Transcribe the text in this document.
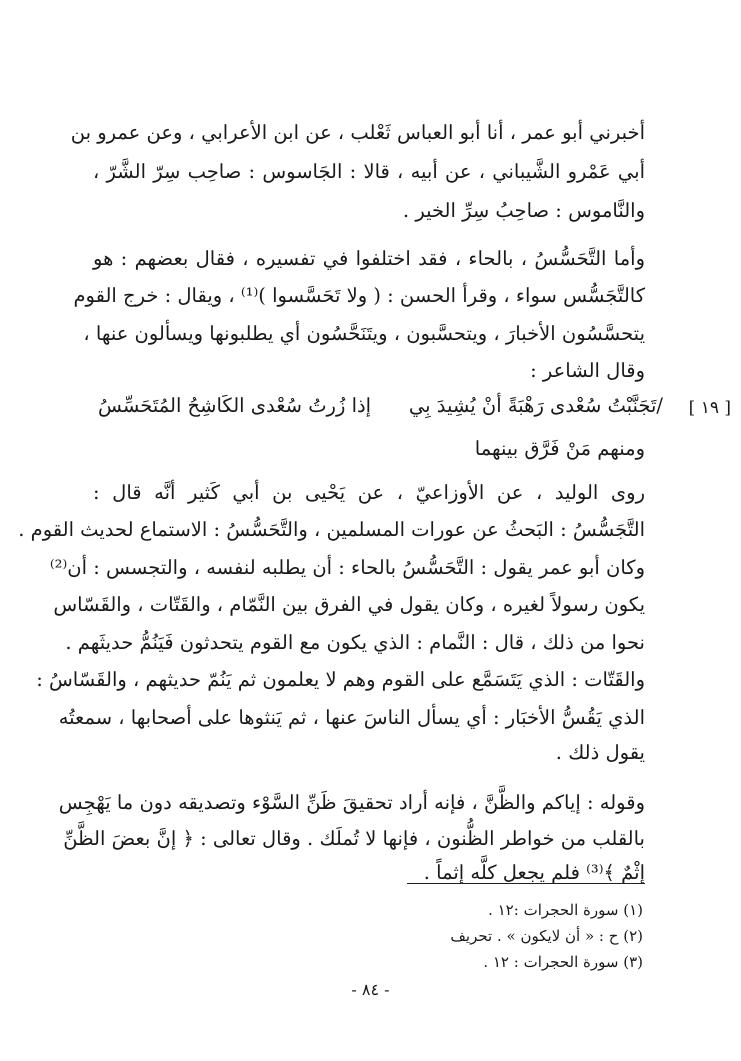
أخبرني أبو عمر ، أنا أبو العباس ثَعْلب ، عن ابن الأعرابي ، وعن عمرو بن
أبي عَمْرو الشَّيباني ، عن أبيه ، قالا : الجَاسوس : صاحِب سِرّ الشَّرّ ،
والنَّاموس : صاحِبُ سِرِّ الخير .
وأما التَّحَسُّسُ ، بالحاء ، فقد اختلفوا في تفسيره ، فقال بعضهم : هو
كالتَّجَسُّس سواء ، وقرأ الحسن : ( ولا تَحَسَّسوا )⁽¹⁾ ، ويقال : خرج القوم
يتحسَّسُون الأخبارَ ، ويتحسَّبون ، ويتَنَحَّسُون أي يطلبونها ويسألون عنها ،
وقال الشاعر :
[ ١٩ ]
/تَجَنَّبْتُ سُعْدى رَهْبَةً أنْ يُشِيدَ بِي
إذا زُرتُ سُعْدى الكَاشِحُ المُتَحَسِّسُ
ومنهم مَنْ فَرَّق بينهما
روى الوليد ، عن الأوزاعيّ ، عن يَحْيى بن أبي كَثير أنَّه قال :
التَّجَسُّسُ : البَحثُ عن عورات المسلمين ، والتَّحَسُّسُ : الاستماع لحديث القوم .
وكان أبو عمر يقول : التَّحَسُّسُ بالحاء : أن يطلبه لنفسه ، والتجسس : أن⁽²⁾
يكون رسولاً لغيره ، وكان يقول في الفرق بين النَّمّام ، والقَتّات ، والقَسّاس
نحوا من ذلك ، قال : النَّمام : الذي يكون مع القوم يتحدثون فَيَنُمُّ حديثَهم .
والقَتّات : الذي يَتَسَمَّع على القوم وهم لا يعلمون ثم يَنُمّ حديثهم ، والقَسّاسُ :
الذي يَقُسُّ الأخبَار : أي يسأل الناسَ عنها ، ثم يَنثوها على أصحابها ، سمعتُه
يقول ذلك .
وقوله : إياكم والظَّنَّ ، فإنه أراد تحقيقَ ظَنِّ السَّوْء وتصديقه دون ما يَهْجِس
بالقلب من خواطر الظُّنون ، فإنها لا تُملَك . وقال تعالى : ﴿ إنَّ بعضَ الظَّنِّ
إثْمٌ ﴾⁽³⁾ فلم يجعل كلَّه إثماً .
(١) سورة الحجرات :١٢ .
(٢) ح : « أن لايكون » . تحريف
(٣) سورة الحجرات : ١٢ .
- ٨٤ -
